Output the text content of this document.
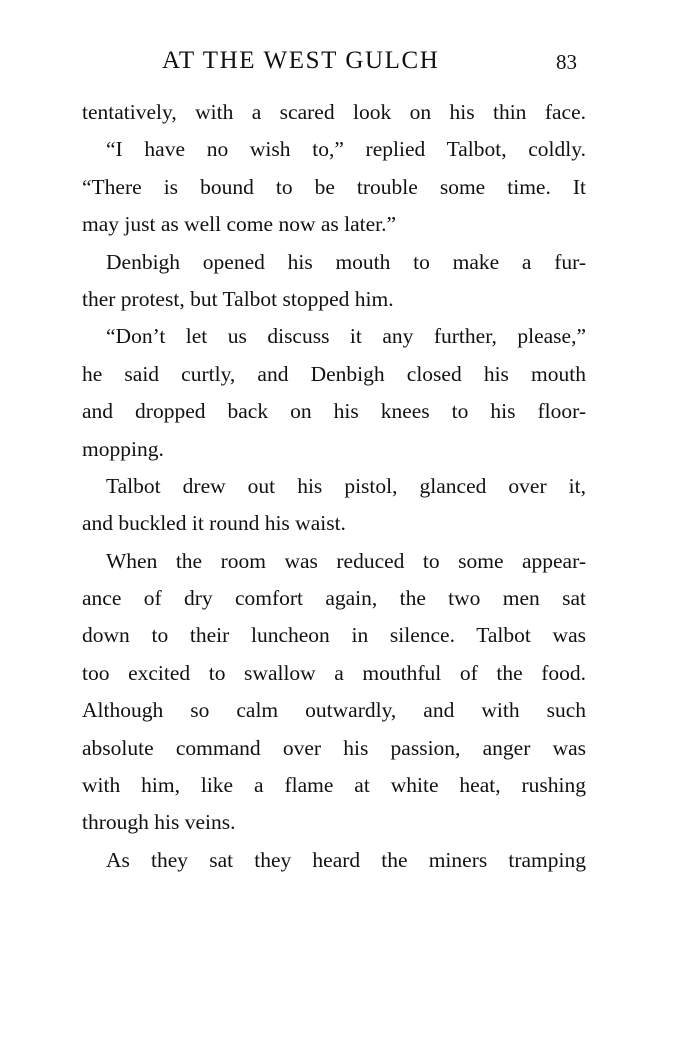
AT THE WEST GULCH	83
tentatively, with a scared look on his thin face.
“I have no wish to,” replied Talbot, coldly.
“There is bound to be trouble some time. It
may just as well come now as later.”
Denbigh opened his mouth to make a fur-
ther protest, but Talbot stopped him.
“Don’t let us discuss it any further, please,”
he said curtly, and Denbigh closed his mouth
and dropped back on his knees to his floor-
mopping.
Talbot drew out his pistol, glanced over it,
and buckled it round his waist.
When the room was reduced to some appear-
ance of dry comfort again, the two men sat
down to their luncheon in silence. Talbot was
too excited to swallow a mouthful of the food.
Although so calm outwardly, and with such
absolute command over his passion, anger was
with him, like a flame at white heat, rushing
through his veins.
As they sat they heard the miners tramping
